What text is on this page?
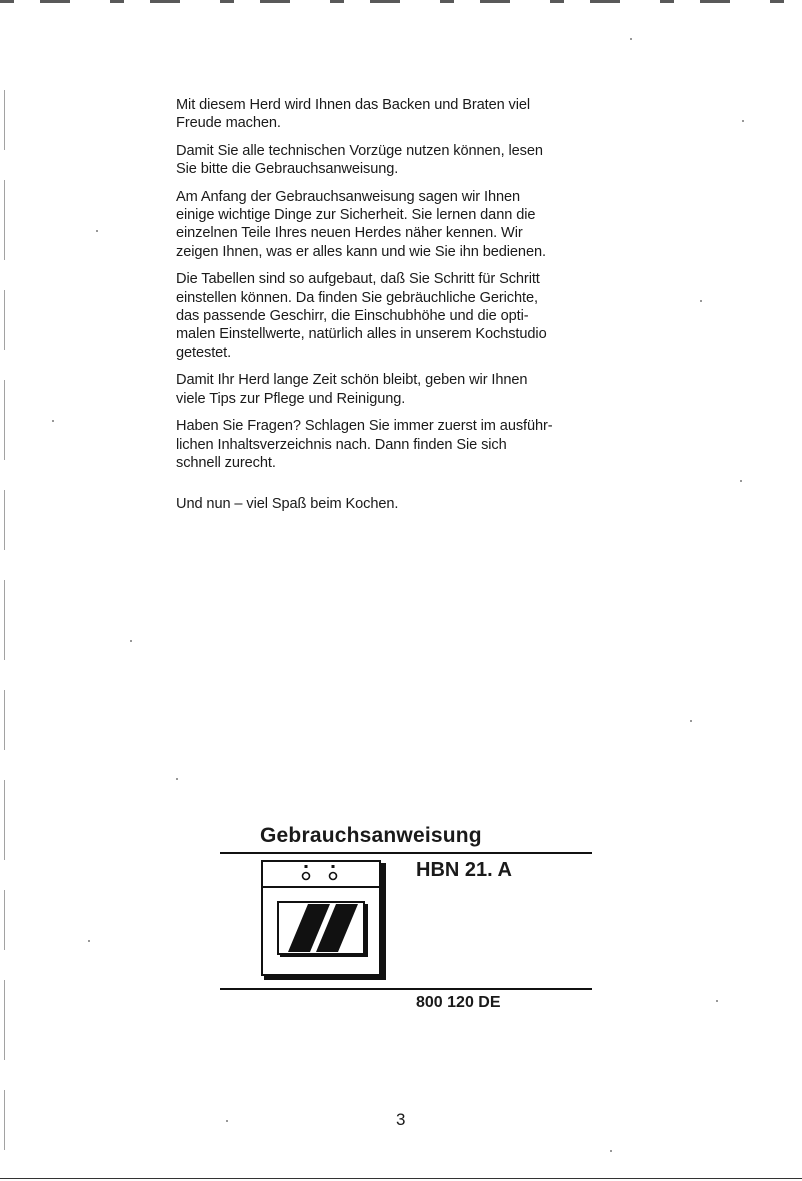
Mit diesem Herd wird Ihnen das Backen und Braten viel
Freude machen.

Damit Sie alle technischen Vorzüge nutzen können, lesen
Sie bitte die Gebrauchsanweisung.

Am Anfang der Gebrauchsanweisung sagen wir Ihnen
einige wichtige Dinge zur Sicherheit. Sie lernen dann die
einzelnen Teile Ihres neuen Herdes näher kennen. Wir
zeigen Ihnen, was er alles kann und wie Sie ihn bedienen.

Die Tabellen sind so aufgebaut, daß Sie Schritt für Schritt
einstellen können. Da finden Sie gebräuchliche Gerichte,
das passende Geschirr, die Einschubhöhe und die opti-
malen Einstellwerte, natürlich alles in unserem Kochstudio
getestet.

Damit Ihr Herd lange Zeit schön bleibt, geben wir Ihnen
viele Tips zur Pflege und Reinigung.

Haben Sie Fragen? Schlagen Sie immer zuerst im ausführ-
lichen Inhaltsverzeichnis nach. Dann finden Sie sich
schnell zurecht.

Und nun – viel Spaß beim Kochen.

Gebrauchsanweisung
HBN 21. A
800 120 DE
3
